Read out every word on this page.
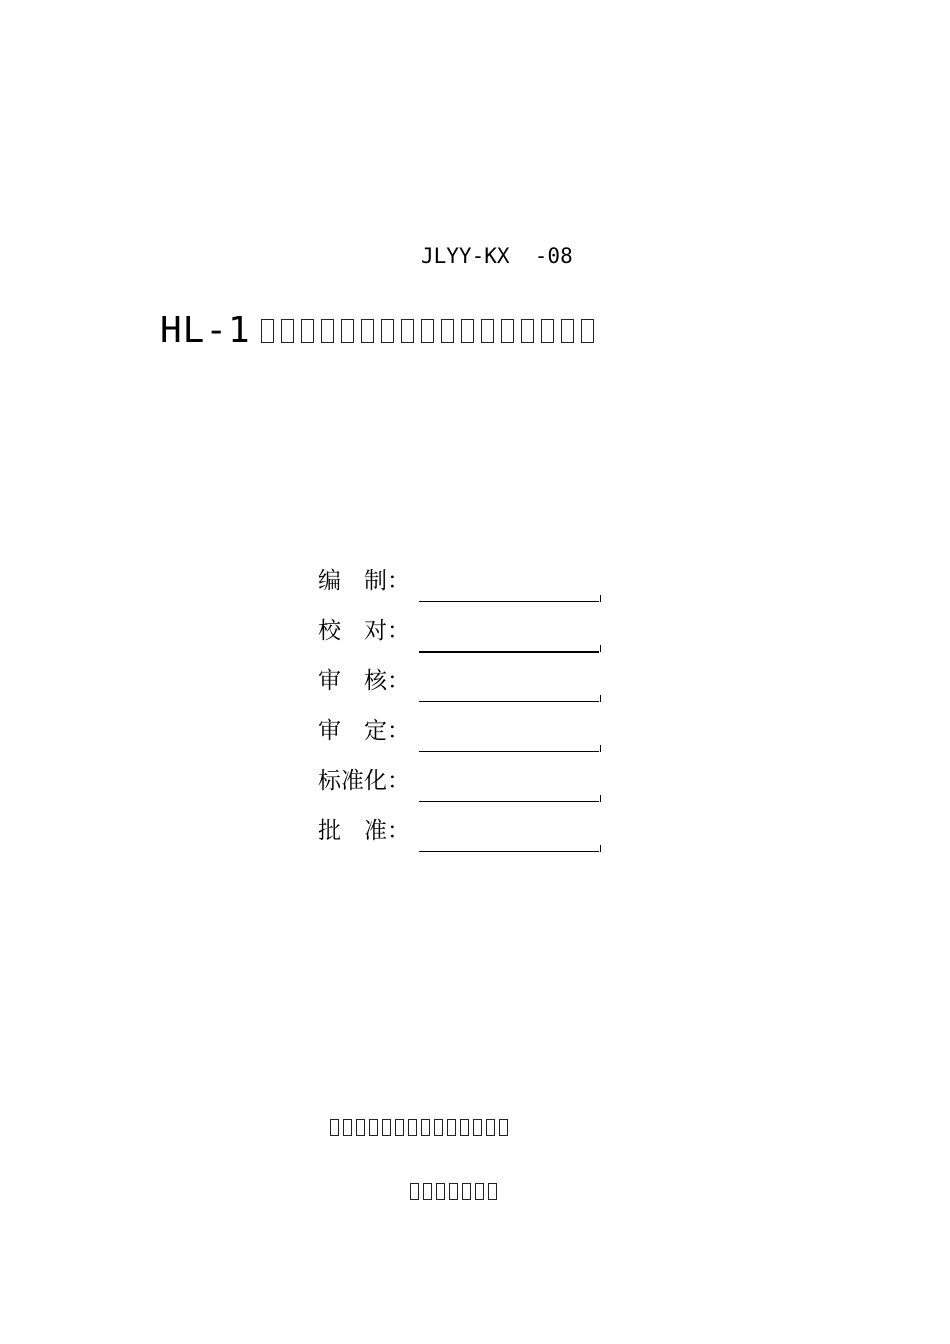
JLYY-KX  -08
HL-1
编　制：
校　对：
审　核：
审　定：
标准化：
批　准：
